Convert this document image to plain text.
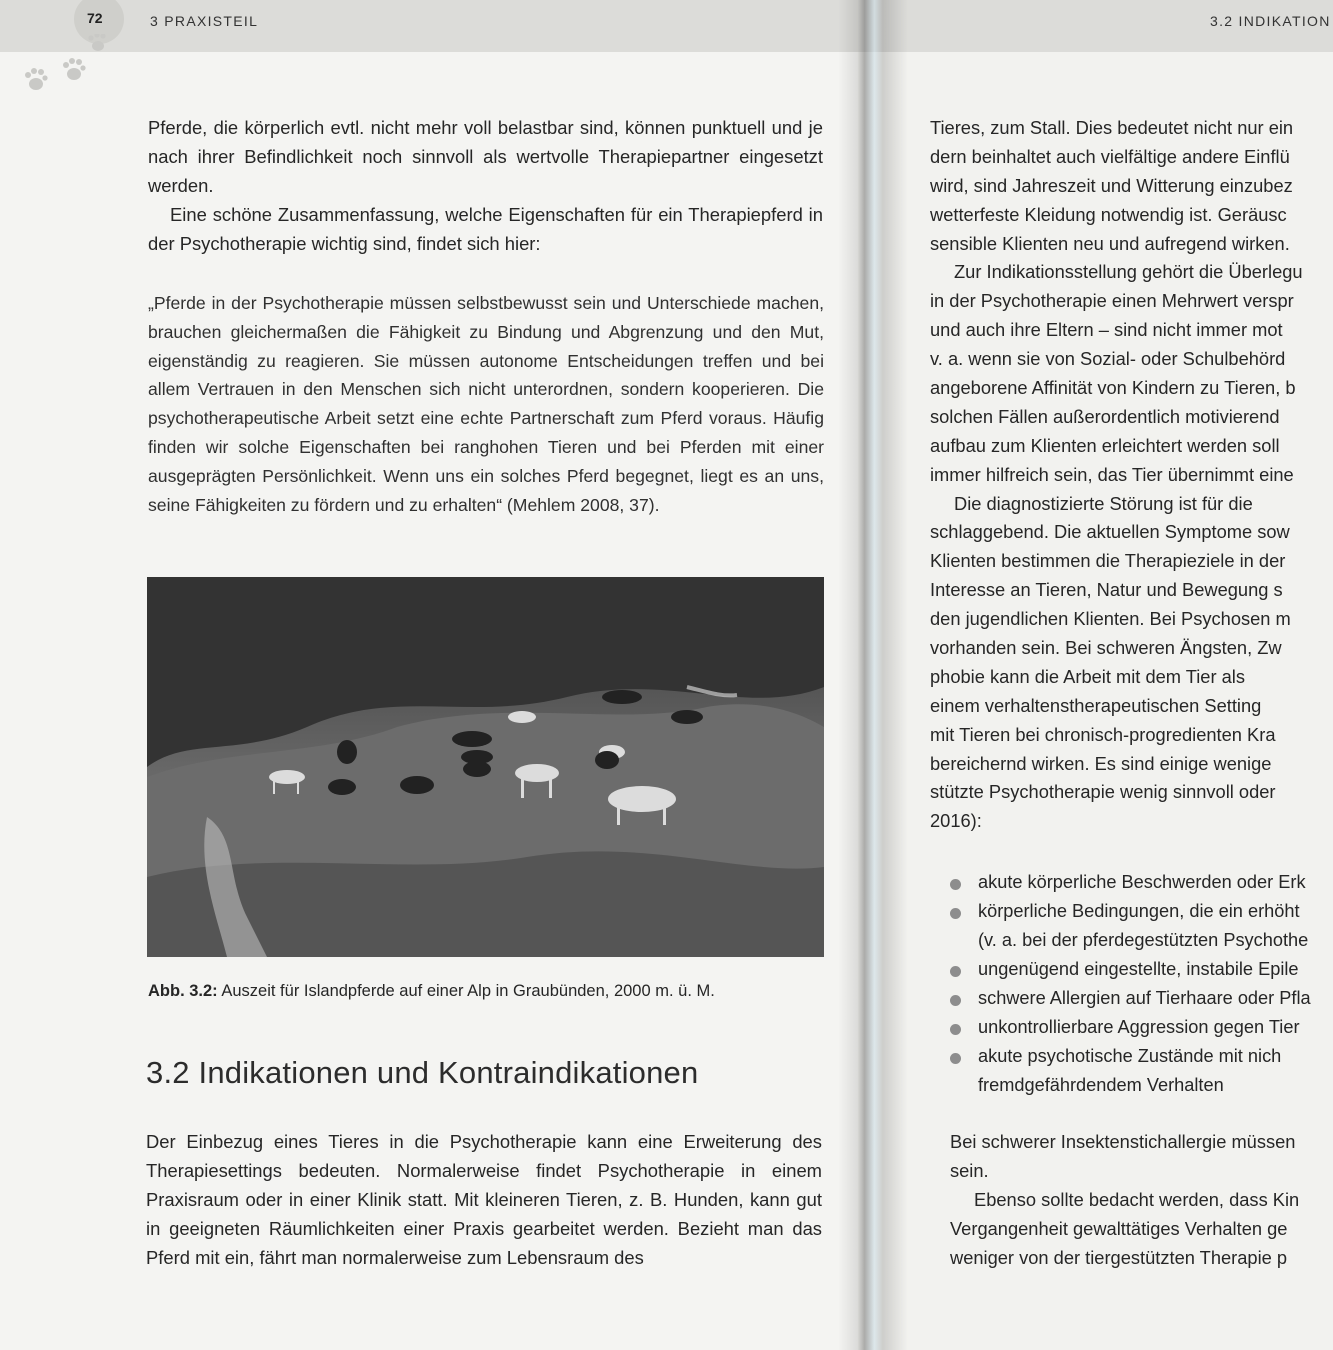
72	3 PRAXISTEIL

Pferde, die körperlich evtl. nicht mehr voll belastbar sind, können punktuell und je nach ihrer Befindlichkeit noch sinnvoll als wertvolle Therapiepartner eingesetzt werden.

Eine schöne Zusammenfassung, welche Eigenschaften für ein Therapiepferd in der Psychotherapie wichtig sind, findet sich hier:

„Pferde in der Psychotherapie müssen selbstbewusst sein und Unterschiede machen, brauchen gleichermaßen die Fähigkeit zu Bindung und Abgrenzung und den Mut, eigenständig zu reagieren. Sie müssen autonome Entscheidungen treffen und bei allem Vertrauen in den Menschen sich nicht unterordnen, sondern kooperieren. Die psychotherapeutische Arbeit setzt eine echte Partnerschaft zum Pferd voraus. Häufig finden wir solche Eigenschaften bei ranghohen Tieren und bei Pferden mit einer ausgeprägten Persönlichkeit. Wenn uns ein solches Pferd begegnet, liegt es an uns, seine Fähigkeiten zu fördern und zu erhalten“ (Mehlem 2008, 37).

Abb. 3.2: Auszeit für Islandpferde auf einer Alp in Graubünden, 2000 m. ü. M.
3.2 Indikationen und Kontraindikationen

Der Einbezug eines Tieres in die Psychotherapie kann eine Erweiterung des Therapiesettings bedeuten. Normalerweise findet Psychotherapie in einem Praxisraum oder in einer Klinik statt. Mit kleineren Tieren, z. B. Hunden, kann gut in geeigneten Räumlichkeiten einer Praxis gearbeitet werden. Bezieht man das Pferd mit ein, fährt man normalerweise zum Lebensraum des

3.2 INDIKATION
Tieres, zum Stall. Dies bedeutet nicht nur ein
dern beinhaltet auch vielfältige andere Einflü
wird, sind Jahreszeit und Witterung einzubez
wetterfeste Kleidung notwendig ist. Geräusc
sensible Klienten neu und aufregend wirken.
Zur Indikationsstellung gehört die Überlegu
in der Psychotherapie einen Mehrwert verspr
und auch ihre Eltern – sind nicht immer mot
v. a. wenn sie von Sozial- oder Schulbehörd
angeborene Affinität von Kindern zu Tieren, b
solchen Fällen außerordentlich motivierend
aufbau zum Klienten erleichtert werden soll
immer hilfreich sein, das Tier übernimmt eine
Die diagnostizierte Störung ist für die
schlaggebend. Die aktuellen Symptome sow
Klienten bestimmen die Therapieziele in der
Interesse an Tieren, Natur und Bewegung s
den jugendlichen Klienten. Bei Psychosen m
vorhanden sein. Bei schweren Ängsten, Zw
phobie kann die Arbeit mit dem Tier als
einem verhaltenstherapeutischen Setting
mit Tieren bei chronisch-progredienten Kra
bereichernd wirken. Es sind einige wenige
stützte Psychotherapie wenig sinnvoll oder
2016):
akute körperliche Beschwerden oder Erk
körperliche Bedingungen, die ein erhöht
(v. a. bei der pferdegestützten Psychothe
ungenügend eingestellte, instabile Epile
schwere Allergien auf Tierhaare oder Pfla
unkontrollierbare Aggression gegen Tier
akute psychotische Zustände mit nich
fremdgefährdendem Verhalten
Bei schwerer Insektenstichallergie müssen
sein.
Ebenso sollte bedacht werden, dass Kin
Vergangenheit gewalttätiges Verhalten ge
weniger von der tiergestützten Therapie p
